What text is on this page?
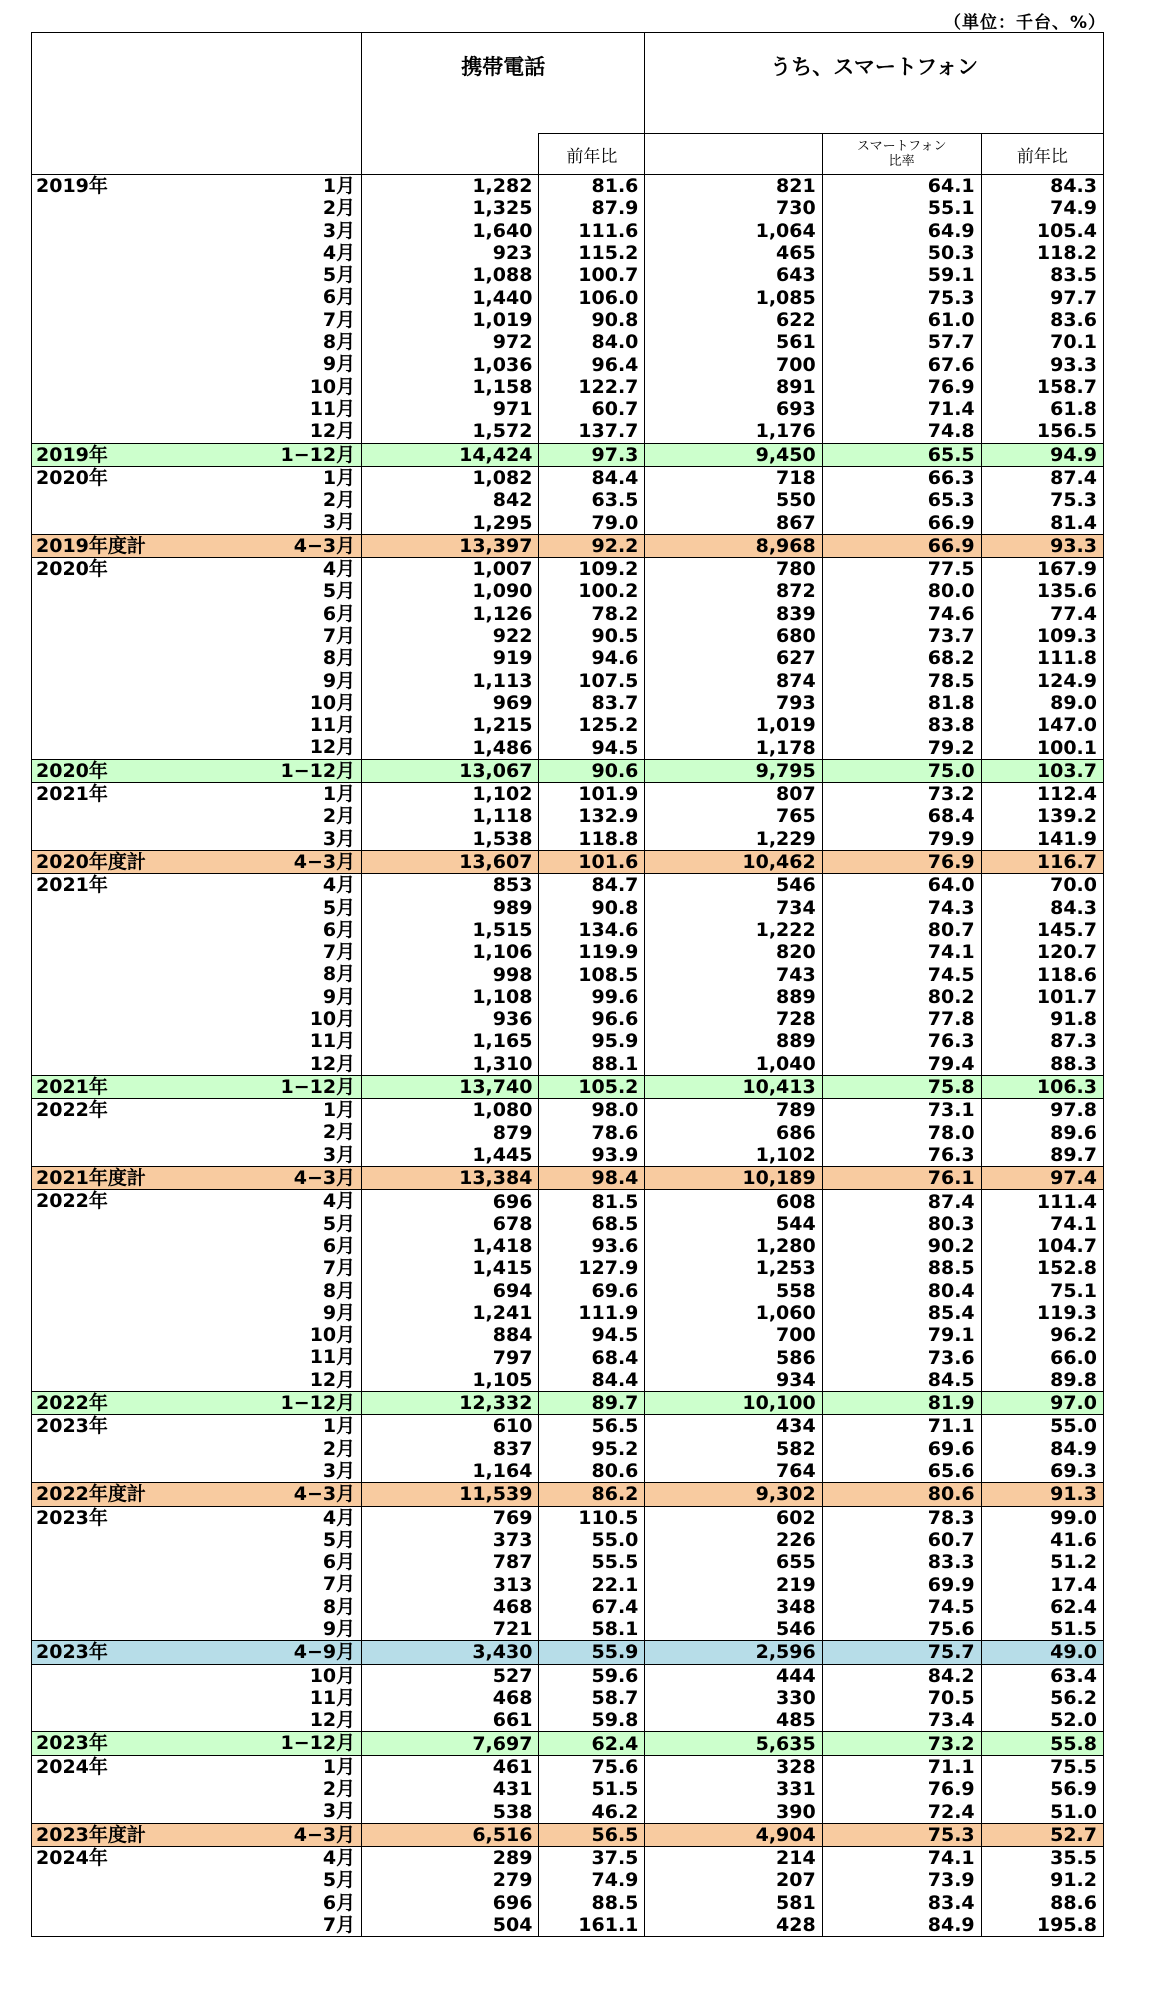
（単位：千台、%）
	携帯電話		うち、スマートフォン		
		前年比		スマートフォン
比率	前年比

2019年 1月	1,282	81.6	821	64.1	84.3

2月	1,325	87.9	730	55.1	74.9

3月	1,640	111.6	1,064	64.9	105.4

4月	923	115.2	465	50.3	118.2

5月	1,088	100.7	643	59.1	83.5

6月	1,440	106.0	1,085	75.3	97.7

7月	1,019	90.8	622	61.0	83.6

8月	972	84.0	561	57.7	70.1

9月	1,036	96.4	700	67.6	93.3

10月	1,158	122.7	891	76.9	158.7

11月	971	60.7	693	71.4	61.8

12月	1,572	137.7	1,176	74.8	156.5

2019年 1−12月	14,424	97.3	9,450	65.5	94.9

2020年 1月	1,082	84.4	718	66.3	87.4

2月	842	63.5	550	65.3	75.3

3月	1,295	79.0	867	66.9	81.4

2019年度計 4−3月	13,397	92.2	8,968	66.9	93.3

2020年 4月	1,007	109.2	780	77.5	167.9

5月	1,090	100.2	872	80.0	135.6

6月	1,126	78.2	839	74.6	77.4

7月	922	90.5	680	73.7	109.3

8月	919	94.6	627	68.2	111.8

9月	1,113	107.5	874	78.5	124.9

10月	969	83.7	793	81.8	89.0

11月	1,215	125.2	1,019	83.8	147.0

12月	1,486	94.5	1,178	79.2	100.1

2020年 1−12月	13,067	90.6	9,795	75.0	103.7

2021年 1月	1,102	101.9	807	73.2	112.4

2月	1,118	132.9	765	68.4	139.2

3月	1,538	118.8	1,229	79.9	141.9

2020年度計 4−3月	13,607	101.6	10,462	76.9	116.7

2021年 4月	853	84.7	546	64.0	70.0

5月	989	90.8	734	74.3	84.3

6月	1,515	134.6	1,222	80.7	145.7

7月	1,106	119.9	820	74.1	120.7

8月	998	108.5	743	74.5	118.6

9月	1,108	99.6	889	80.2	101.7

10月	936	96.6	728	77.8	91.8

11月	1,165	95.9	889	76.3	87.3

12月	1,310	88.1	1,040	79.4	88.3

2021年 1−12月	13,740	105.2	10,413	75.8	106.3

2022年 1月	1,080	98.0	789	73.1	97.8

2月	879	78.6	686	78.0	89.6

3月	1,445	93.9	1,102	76.3	89.7

2021年度計 4−3月	13,384	98.4	10,189	76.1	97.4

2022年 4月	696	81.5	608	87.4	111.4

5月	678	68.5	544	80.3	74.1

6月	1,418	93.6	1,280	90.2	104.7

7月	1,415	127.9	1,253	88.5	152.8

8月	694	69.6	558	80.4	75.1

9月	1,241	111.9	1,060	85.4	119.3

10月	884	94.5	700	79.1	96.2

11月	797	68.4	586	73.6	66.0

12月	1,105	84.4	934	84.5	89.8

2022年 1−12月	12,332	89.7	10,100	81.9	97.0

2023年 1月	610	56.5	434	71.1	55.0

2月	837	95.2	582	69.6	84.9

3月	1,164	80.6	764	65.6	69.3

2022年度計 4−3月	11,539	86.2	9,302	80.6	91.3

2023年 4月	769	110.5	602	78.3	99.0

5月	373	55.0	226	60.7	41.6

6月	787	55.5	655	83.3	51.2

7月	313	22.1	219	69.9	17.4

8月	468	67.4	348	74.5	62.4

9月	721	58.1	546	75.6	51.5

2023年 4−9月	3,430	55.9	2,596	75.7	49.0

10月	527	59.6	444	84.2	63.4

11月	468	58.7	330	70.5	56.2

12月	661	59.8	485	73.4	52.0

2023年 1−12月	7,697	62.4	5,635	73.2	55.8

2024年 1月	461	75.6	328	71.1	75.5

2月	431	51.5	331	76.9	56.9

3月	538	46.2	390	72.4	51.0

2023年度計 4−3月	6,516	56.5	4,904	75.3	52.7

2024年 4月	289	37.5	214	74.1	35.5

5月	279	74.9	207	73.9	91.2

6月	696	88.5	581	83.4	88.6

7月	504	161.1	428	84.9	195.8
